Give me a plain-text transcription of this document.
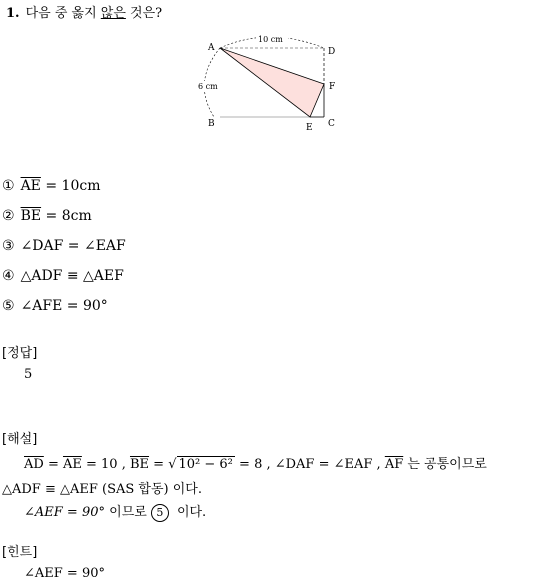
1. 다음 중 옳지 않은 것은?
A	D
F
B	E C
10 cm
6 cm
① $\overline{AE} = 10cm$
② $\overline{BE} = 8cm$
③ ∠DAF = ∠EAF
④ △ADF ≡ △AEF
⑤ ∠AFE = 90°
[정답]
5
[해설]
$\overline{AD} = \overline{AE} = 10$ , $\overline{BE}$ = √ 10² − 6² = 8 , ∠DAF = ∠EAF , $\overline{AF}$ 는 공통이므로
△ADF ≡ △AEF (SAS 합동) 이다.
∠AEF = 90° 이므로 5 이다.
[힌트]
∠AEF = 90°
